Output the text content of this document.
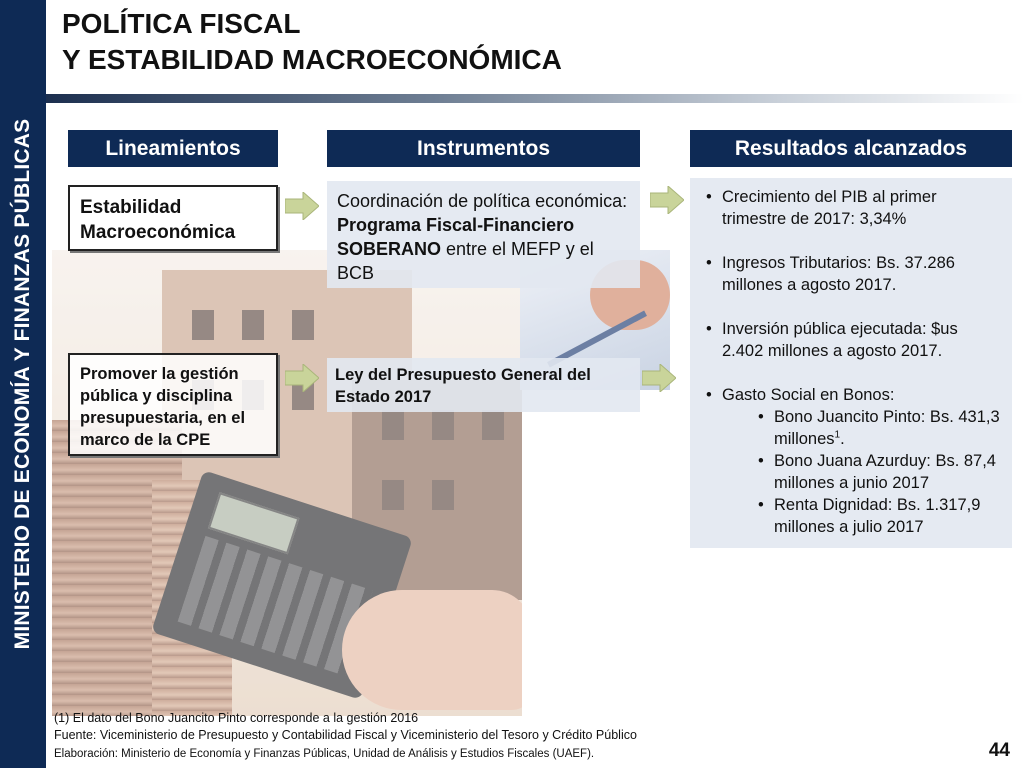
MINISTERIO DE ECONOMÍA Y FINANZAS PÚBLICAS
POLÍTICA FISCAL
Y ESTABILIDAD MACROECONÓMICA
Lineamientos	Instrumentos	Resultados alcanzados
Estabilidad Macroeconómica
Promover la gestión pública y disciplina presupuestaria, en el marco de la CPE
Coordinación de política económica: Programa Fiscal-Financiero SOBERANO entre el MEFP y el BCB
Ley del Presupuesto General del Estado 2017
• Crecimiento del PIB al primer trimestre de 2017: 3,34%
• Ingresos Tributarios: Bs. 37.286 millones a agosto 2017.
• Inversión pública ejecutada: $us 2.402 millones a agosto 2017.
• Gasto Social en Bonos:
• Bono Juancito Pinto: Bs. 431,3 millones$^1$.
• Bono Juana Azurduy: Bs. 87,4 millones a junio 2017
• Renta Dignidad: Bs. 1.317,9 millones a julio 2017
(1) El dato del Bono Juancito Pinto corresponde a la gestión 2016
Fuente: Viceministerio de Presupuesto y Contabilidad Fiscal y Viceministerio del Tesoro y Crédito Público
Elaboración: Ministerio de Economía y Finanzas Públicas, Unidad de Análisis y Estudios Fiscales (UAEF).	44
